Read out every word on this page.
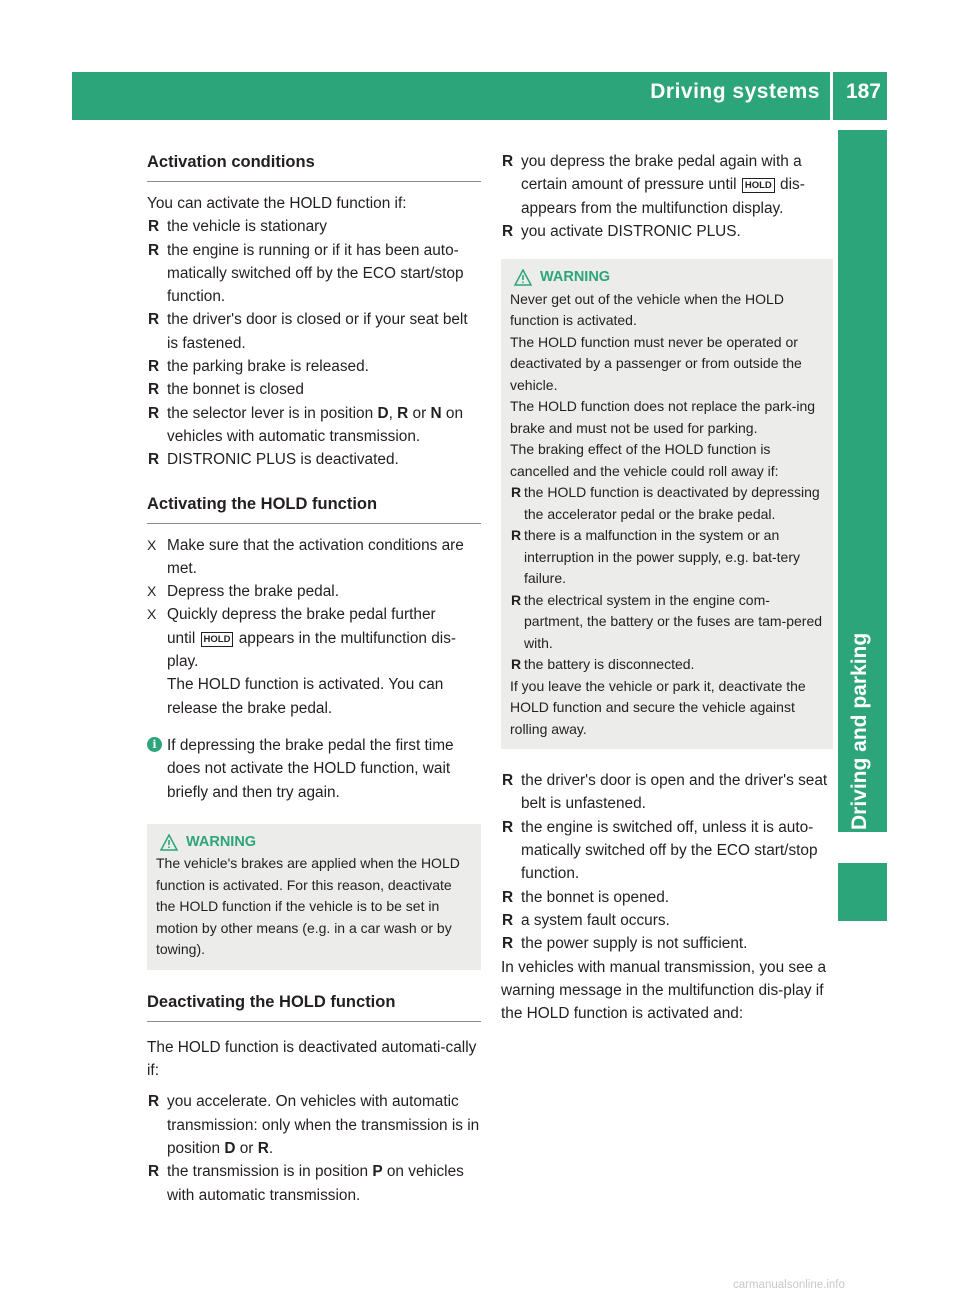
Driving systems 187
Driving and parking
Activation conditions

You can activate the HOLD function if:

R the vehicle is stationary
R the engine is running or if it has been auto-matically switched off by the ECO start/stop function.
R the driver's door is closed or if your seat belt is fastened.
R the parking brake is released.
R the bonnet is closed
R the selector lever is in position D, R or N on
vehicles with automatic transmission.
R DISTRONIC PLUS is deactivated.
Activating the HOLD function
X Make sure that the activation conditions are met.
X Depress the brake pedal.
X Quickly depress the brake pedal further
until HOLD appears in the multifunction dis-play.
The HOLD function is activated. You can release the brake pedal.
i If depressing the brake pedal the first time does not activate the HOLD function, wait briefly and then try again.
WARNING

The vehicle's brakes are applied when the HOLD function is activated. For this reason, deactivate the HOLD function if the vehicle is to be set in motion by other means (e.g. in a car wash or by towing).

Deactivating the HOLD function

The HOLD function is deactivated automati-cally if:

R you accelerate. On vehicles with automatic transmission: only when the transmission is in position D or R.
R the transmission is in position P on vehicles with automatic transmission.
R you depress the brake pedal again with a certain amount of pressure until HOLD dis-appears from the multifunction display.
R you activate DISTRONIC PLUS.
WARNING

Never get out of the vehicle when the HOLD function is activated.

The HOLD function must never be operated or deactivated by a passenger or from outside the vehicle.

The HOLD function does not replace the park-ing brake and must not be used for parking.

The braking effect of the HOLD function is cancelled and the vehicle could roll away if:

R the HOLD function is deactivated by depressing the accelerator pedal or the brake pedal.
R there is a malfunction in the system or an interruption in the power supply, e.g. bat-tery failure.
R the electrical system in the engine com-partment, the battery or the fuses are tam-pered with.
R the battery is disconnected.

If you leave the vehicle or park it, deactivate the HOLD function and secure the vehicle against rolling away.

R the driver's door is open and the driver's seat belt is unfastened.
R the engine is switched off, unless it is auto-matically switched off by the ECO start/stop function.
R the bonnet is opened.
R a system fault occurs.
R the power supply is not sufficient.

In vehicles with manual transmission, you see a warning message in the multifunction dis-play if the HOLD function is activated and:

carmanualsonline.info
